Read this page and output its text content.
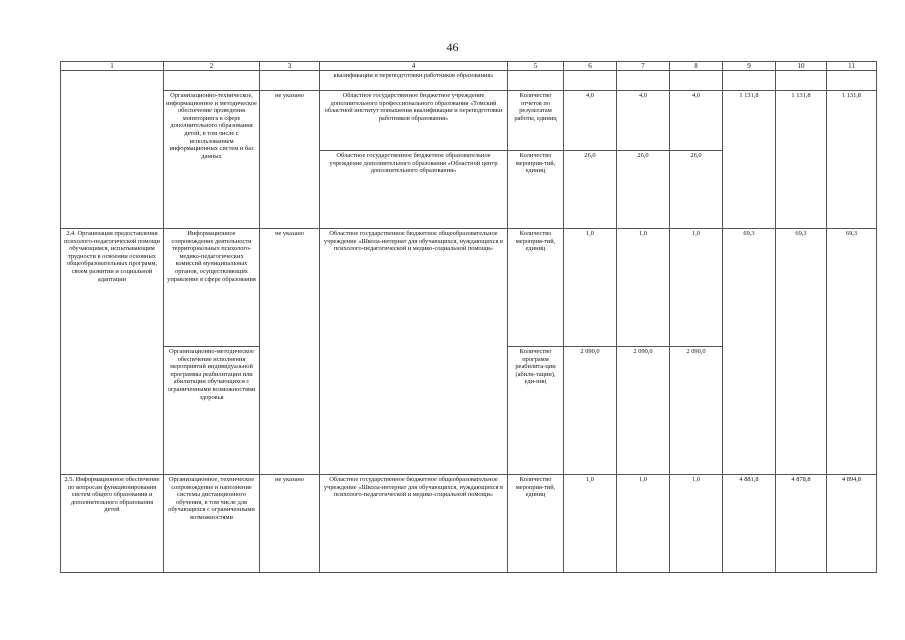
46
1	2	3	4	5	6	7	8	9	10	11
			квалификации и переподготовки работников образования»							
	Организационно-техническое, информационное и методическое обеспечение проведения мониторинга в сфере дополнительного образования детей, в том числе с использованием информационных систем и баз данных	не указано	Областное государственное бюджетное учреждение дополнительного профессионального образования «Томский областной институт повышения квалификации и переподготовки работников образования»	Количество отчетов по результатам работы, единиц	4,0	4,0	4,0	1 131,8	1 131,8	1 131,8
			Областное государственное бюджетное образовательное учреждение дополнительного образования «Областной центр дополнительного образования»	Количество мероприя-тий, единиц	26,0	26,0	26,0			
2.4. Организация предоставления психолого-педагогической помощи обучающимся, испытывающим трудности в освоении основных общеобразовательных программ, своем развитии и социальной адаптации	Информационное сопровождение деятельности территориальных психолого-медико-педагогических комиссий муниципальных органов, осуществляющих управление в сфере образования	не указано	Областное государственное бюджетное общеобразовательное учреждение «Школа-интернат для обучающихся, нуждающихся в психолого-педагогической и медико-социальной помощи»	Количество мероприя-тий, единиц	1,0	1,0	1,0	69,3	69,3	69,3
	Организационно-методическое обеспечение исполнения мероприятий индивидуальной программы реабилитации или абилитации обучающихся с ограниченными возможностями здоровья			Количество программ реабилита-ции (абили-тации), еди-ниц	2 090,0	2 090,0	2 090,0			
2.5. Информационное обеспечение по вопросам функционирования систем общего образования и дополнительного образования детей	Организационное, техническое сопровождение и наполнение системы дистанционного обучения, в том числе для обучающихся с ограниченными возможностями	не указано	Областное государственное бюджетное общеобразовательное учреждение «Школа-интернат для обучающихся, нуждающихся в психолого-педагогической и медико-социальной помощи»	Количество мероприя-тий, единиц	1,0	1,0	1,0	4 881,8	4 878,8	4 894,8
